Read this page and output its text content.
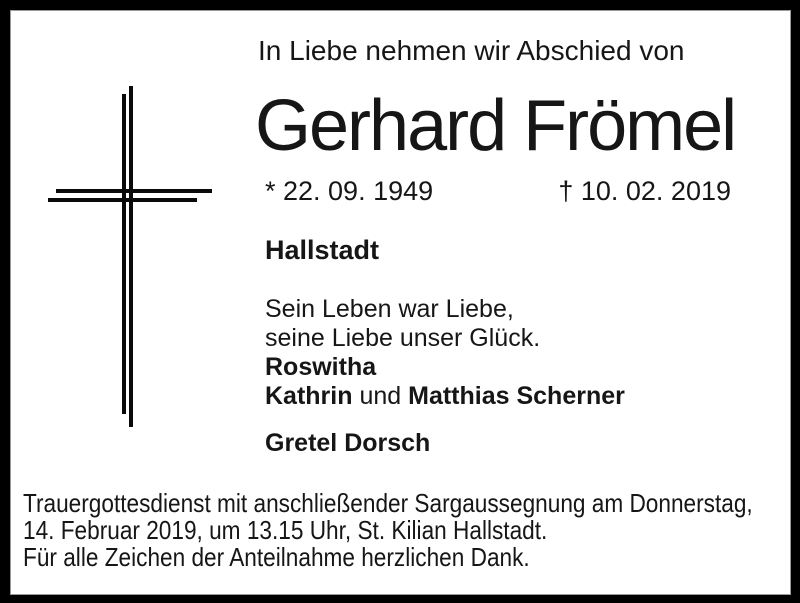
In Liebe nehmen wir Abschied von
Gerhard Frömel
* 22. 09. 1949	† 10. 02. 2019
Hallstadt
Sein Leben war Liebe,
seine Liebe unser Glück.
Roswitha
Kathrin und Matthias Scherner
Gretel Dorsch
Trauergottesdienst mit anschließender Sargaussegnung am Donnerstag,
14. Februar 2019, um 13.15 Uhr, St. Kilian Hallstadt.
Für alle Zeichen der Anteilnahme herzlichen Dank.
